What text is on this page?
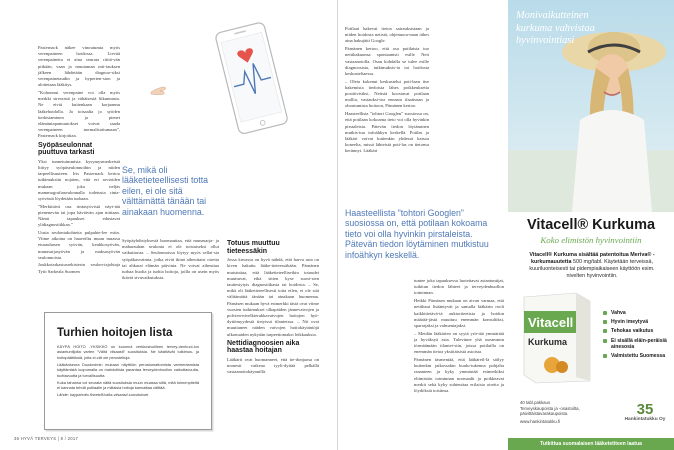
Pasternack näkee vinoutumia myös verenpaineen hoidossa. Lievää verenpainetta ei aina seurata riittä-vän pitkään, vaan jo muutaman mit-tauksen jälkeen lähdetään diagnoo-siksi verenpainetaudin ja hyperten-sion ja aloitetaan lääkitys.

”Kohonnut verenpaine voi olla myös merkki stressistä ja vähäisestä liikunnasta. Ne eivät kuitenkaan korjaannu lääkehoidolla. Ja toisaalta jo syöden tiedostaminen ja pienet elämäntapamuutokset voivat saada verenpaineen normalisoitumaan”, Pasternack kirjoittaa.

Syöpäseulonnat puuttuva tarkasti

Yksi tunnetuimmista kysymysmerkeistä liittyy syöpäseulonnoihin ja niiden tarpeellisuuteen. Iris Pasternack kertoo tutkimuksiin nojaten, että eri arvioiden mukaan joka neljäs mammografiaseulonnalla todetusta rinta-syövästä löydetään turhaan.

”Merkittävä osa rintasyövistä näyt-tää pienenevän tai jopa häviävän ajan mittaan. Nämä tapaukset edustavat ylidiagnostiikkaa.”

Uusia seulontakohteita pulpahte-lee esiin. Viime aikoina on haaveiltu muun muassa eturauhasen syövän, keuhkosyövän, munasarjasyövän ja maksasyövän seulonnoista.

Joukkotarkastusrekisterin seulon-tajohtaja Tytti Sarkeala Suomen

Se, mikä oli lääketieteellisesti totta eilen, ei ole sitä välttämättä tänään tai ainakaan huomenna.

Syöpäyhdistyksestä huomauttaa, että munasarja- ja maharauhan seulonta ei ole toistaiseksi ollut vaikuttavaa. – Seulonnoissa löytyy myös sellai-sia syöpäkasvaimia, jotka eivät ikinä aiheuttaisi oireita tai ahkarai elämän päivinta. Ne voivat aiheuttaa turhaa huolta ja turhia hoitoja, joilla on usein myös ikäviä sivuvaikutuksia.

Totuus muuttuu tieteessäkin

Jossa kuvassa on hyvä nähdä, että harva asia on kiven hakattu lääke-tieteessäkään. Pärnänen muistuttaa, että lääketieteellisetkin totuudet muuttuvat, eikä sitten kyse suosi-sien tautiesiytyis diagnostiikasta tai hoidosta. – Se, mikä oli lääketieteellisesti totta eilen, ei ole sitä välttämättä tänään tai ainakaan huomenna. Pärnäsen mukaan hyvä esimerkki tästä ovat viime vuosien tutkimukset olkapäiden jännevaivojen ja polvien-nivelkierukkavaivojen hoitojen hyö-dyttömyydestä tietyissä tilanteissa. – Nit ovat muuttaneet näiden vaivojen hoitokäytäntöjä ulkomaiden nykyään tarpeettomaksi leikkauksia.

Nettidiagnoosien aika haastaa hoitajan

Lääkärit ovat huomanneet, että tie-donjaosa on monesti vaikeaa tyyli-dyttää pelkällä vastaanottokäynnillä.

Turhien hoitojen lista

KÄYPÄ HOITO -YKSIKKÖ on koonnut verkkosivuilleen tervey-denhuol-lon asiantuntijoita varten ”Vältä viisaasti” suosituksia. Ne käsittävät tutkimus- ja hoitopäätöksiä, joita ei-vät ole perusteltuja.

Lääkäriseura Duodecimin mukaan näyttöön perustumattomista varmentamista käyttämistä luopumalla on mahdollista parantaa terveydenhuollon vaikuttavuutta, tuottavuutta ja turvallisuutta.

Kuka tahansa voi seurata näitä suosituksia muun muassa siitä, mitä toimenpiteitä ei kannata tehdä potilaalle ja millaisia hoitoja kannattaa välttää.

Lähde: kaypahoito.fi/web/fi/valta-viisaasti-suositukset

36 HYVÄ TERVEYS | 8 / 2017

Potilaat hakevat tietoa sairauksistaan ja niiden hoidosta netistä, ohjenuora-naan tähes aina hakujätti Google.

Pärnänen kertoo, että osa potilaista tuo nettihakuunsa spontaanisti esille Nett vastaanotolla. Osan kohdalla se tulee esille diagnoosista, tutkimuksis-ta tai hoidosta keskusteltaessa.

– Oleta kokenut keskustelut poti-laan itse hakemista tiedoista lähes poikkeuksetta positiivisiksi. Netistä koostavat potilaan mollia, vastauksi-toa ennasta ifaatisuan ja ohoutumista hoitoon, Pärnänen kertoo.

Haasteellista ”tohtori Googlen” suosiossa on, että potilaan kokoama tieto voi olla hyvinkin pirstaleista. Pätevän tiedon löytäminen mutkis-tuu infoähkyn keskellä. Potilas ja lääkäri voivat kuitenkin yhdessä katsoa koneelta, missä lähteistä poti-las on tietonsa kerännyt. Lääkäri

Haasteellista ”tohtori Googlen” suosiossa on, että potilaan kokoama tieto voi olla hyvinkin pirstaleista. Pätevän tiedon löytäminen mutkistuu infoähkyn keskellä.

tuntee joka tapauksessa luotettavat asiantuntijat, tutkitun tiedon lähteet ja terveydenhuollon toiminnan.

Heikki Pärnäsen mukaan on aivan varmaa, että nettihaut lisääntyvät ja samalla lääkärin rooli kaikkitietävä-tä auktoriteetista ja hoidon määrää-jästä muuttuu enemmän konsultiksi, sparrajaksi ja valmentajaksi.

– Meidän lääkärien on syytä yrit-tää ymmärtää ja hyväksyä asia. Tulevinne yhä useammin törmäämään tilantei-siin, joissa potilailla on enemmän tietoa yksittäisistä asioista.

Pärnänen täsmentää, että lääkäreil-lä säilyy kuitenkin jatkossakin kuulu-tukenna pohjalta raaanteen ja kyky ymmärtää esimerkiksi eliimistön toiminnan normaalit ja poikkeavat merkit sekä kyky suhteuttaa erilaisia oireita ja löydöksiä toisiinsa.

Monivaikutteinen kurkuma vahvistaa hyvinvointiasi
Vitacell® Kurkuma
Koko elimistön hyvinvointiin
Vitacell® Kurkuma sisältää patentoitua Meriva® -kurkumauutetta 500 mg/tabl. Käytetään terveissä, kuuriluonteisesti tai pidempiaikaiseen käyttöön esim. nivelten hyvinvointiin.
Vitacell
Kurkuma
Vahva
Hyvin imeytyvä
Tehokas vaikutus
Ei sisällä eläin-peräisiä ainesosia
Valmistettu Suomessa
40 tabl.pakkaus
Terveyskaupoista ja -osastoilta, päivittäistavarakaupoista.
www.hankintatukku.fi
35
Hankintatukku Oy
Tutkittua suomalaisen lääketetiteen laatua
